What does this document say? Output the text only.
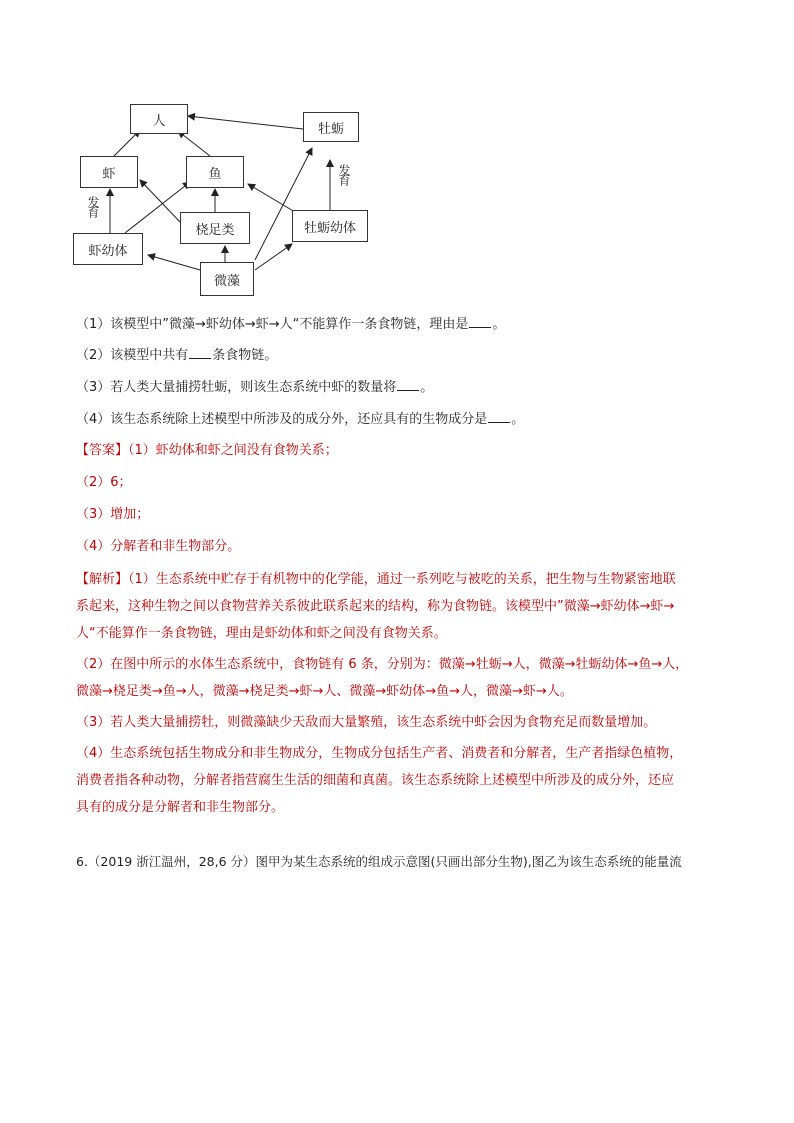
人
牡蛎
虾	鱼
桡足类	牡蛎幼体
虾幼体
微藻
发育
发育
（1）该模型中”微藻→虾幼体→虾→人“不能算作一条食物链，理由是 。
（2）该模型中共有 条食物链。
（3）若人类大量捕捞牡蛎，则该生态系统中虾的数量将 。
（4）该生态系统除上述模型中所涉及的成分外，还应具有的生物成分是 。
【答案】（1）虾幼体和虾之间没有食物关系；
（2）6；
（3）增加；
（4）分解者和非生物部分。
【解析】（1）生态系统中贮存于有机物中的化学能，通过一系列吃与被吃的关系，把生物与生物紧密地联
系起来，这种生物之间以食物营养关系彼此联系起来的结构，称为食物链。该模型中”微藻→虾幼体→虾→
人“不能算作一条食物链，理由是虾幼体和虾之间没有食物关系。
（2）在图中所示的水体生态系统中，食物链有 6 条，分别为：微藻→牡蛎→人，微藻→牡蛎幼体→鱼→人，
微藻→桡足类→鱼→人，微藻→桡足类→虾→人、微藻→虾幼体→鱼→人，微藻→虾→人。
（3）若人类大量捕捞牡，则微藻缺少天敌而大量繁殖，该生态系统中虾会因为食物充足而数量增加。
（4）生态系统包括生物成分和非生物成分，生物成分包括生产者、消费者和分解者，生产者指绿色植物，
消费者指各种动物，分解者指营腐生生活的细菌和真菌。该生态系统除上述模型中所涉及的成分外，还应
具有的成分是分解者和非生物部分。
6.（2019 浙江温州，28,6 分）图甲为某生态系统的组成示意图(只画出部分生物),图乙为该生态系统的能量流
